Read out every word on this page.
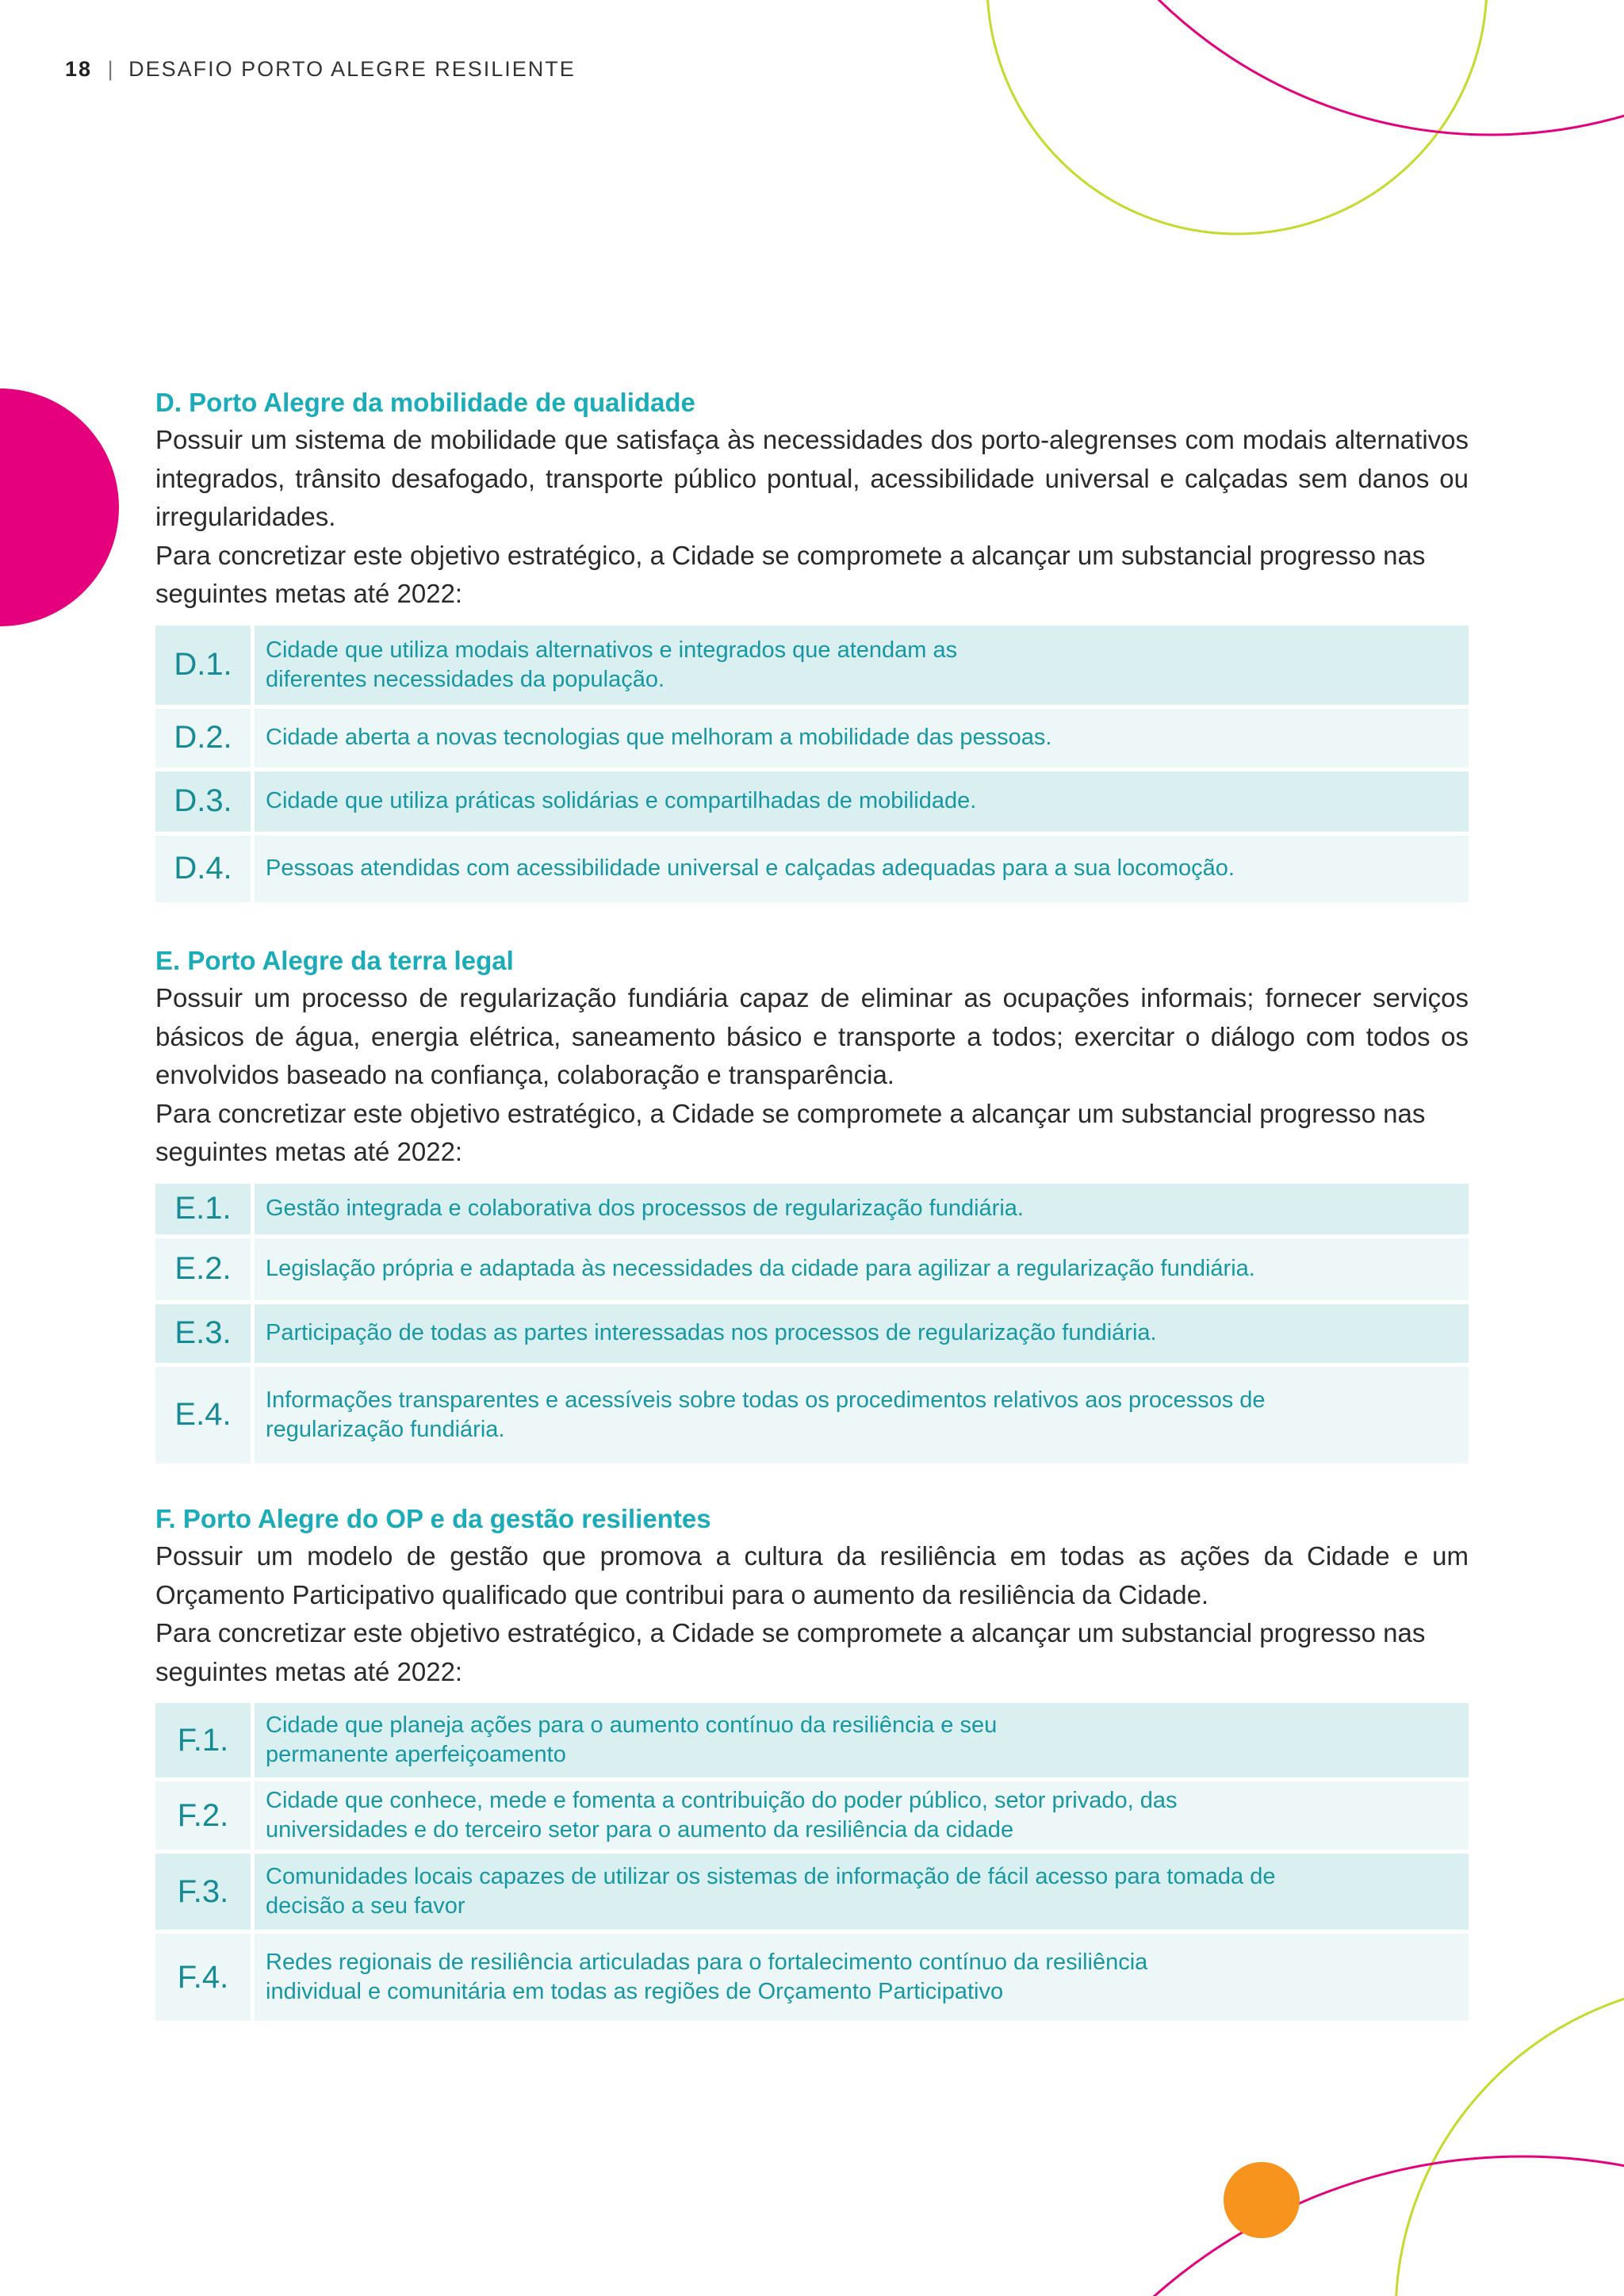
18 | DESAFIO PORTO ALEGRE RESILIENTE
D. Porto Alegre da mobilidade de qualidade
Possuir um sistema de mobilidade que satisfaça às necessidades dos porto-alegrenses com modais alternativos integrados, trânsito desafogado, transporte público pontual, acessibilidade universal e calçadas sem danos ou irregularidades.
Para concretizar este objetivo estratégico, a Cidade se compromete a alcançar um substancial progresso nas seguintes metas até 2022:
D.1.	Cidade que utiliza modais alternativos e integrados que atendam as diferentes necessidades da população.
D.2.	Cidade aberta a novas tecnologias que melhoram a mobilidade das pessoas.
D.3.	Cidade que utiliza práticas solidárias e compartilhadas de mobilidade.
D.4.	Pessoas atendidas com acessibilidade universal e calçadas adequadas para a sua locomoção.
E. Porto Alegre da terra legal
Possuir um processo de regularização fundiária capaz de eliminar as ocupações informais; fornecer serviços básicos de água, energia elétrica, saneamento básico e transporte a todos; exercitar o diálogo com todos os envolvidos baseado na confiança, colaboração e transparência.
Para concretizar este objetivo estratégico, a Cidade se compromete a alcançar um substancial progresso nas seguintes metas até 2022:
E.1.	Gestão integrada e colaborativa dos processos de regularização fundiária.
E.2.	Legislação própria e adaptada às necessidades da cidade para agilizar a regularização fundiária.
E.3.	Participação de todas as partes interessadas nos processos de regularização fundiária.
E.4.	Informações transparentes e acessíveis sobre todas os procedimentos relativos aos processos de regularização fundiária.
F. Porto Alegre do OP e da gestão resilientes
Possuir um modelo de gestão que promova a cultura da resiliência em todas as ações da Cidade e um Orçamento Participativo qualificado que contribui para o aumento da resiliência da Cidade.
Para concretizar este objetivo estratégico, a Cidade se compromete a alcançar um substancial progresso nas seguintes metas até 2022:
F.1.	Cidade que planeja ações para o aumento contínuo da resiliência e seu permanente aperfeiçoamento
F.2.	Cidade que conhece, mede e fomenta a contribuição do poder público, setor privado, das universidades e do terceiro setor para o aumento da resiliência da cidade
F.3.	Comunidades locais capazes de utilizar os sistemas de informação de fácil acesso para tomada de decisão a seu favor
F.4.	Redes regionais de resiliência articuladas para o fortalecimento contínuo da resiliência individual e comunitária em todas as regiões de Orçamento Participativo
